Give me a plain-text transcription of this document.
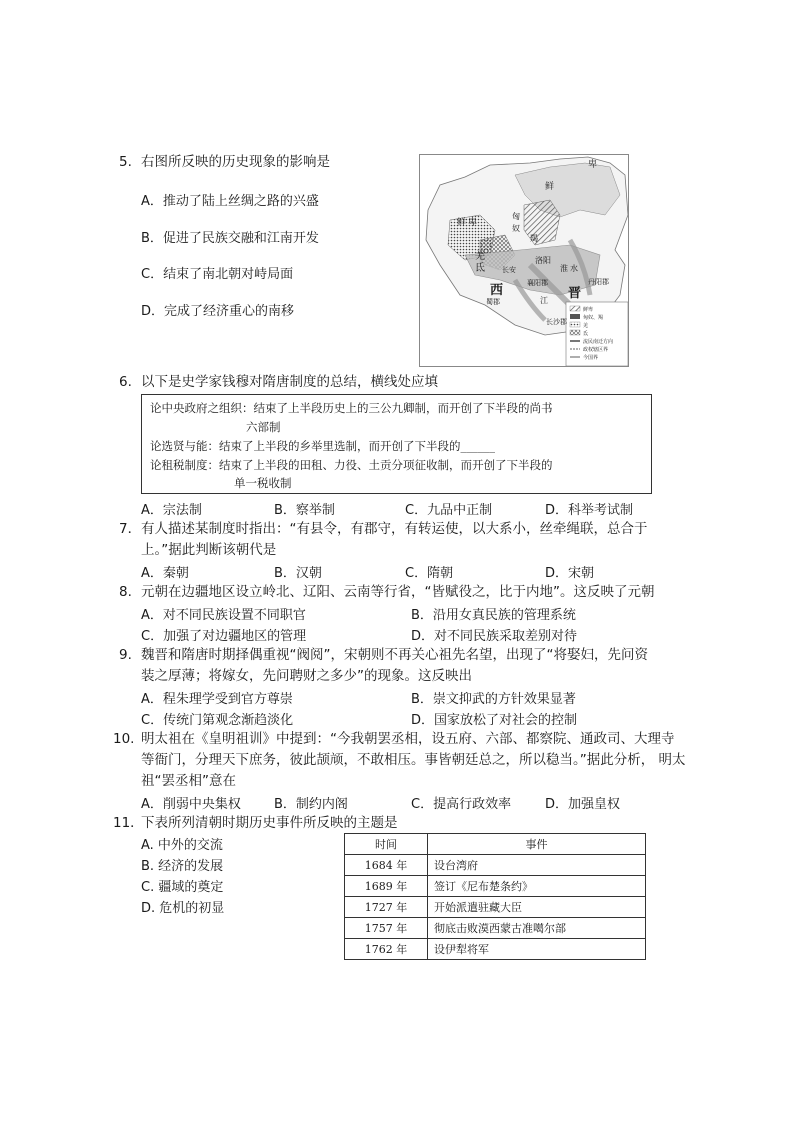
5. 右图所反映的历史现象的影响是
A．推动了陆上丝绸之路的兴盛
B．促进了民族交融和江南开发
C．结束了南北朝对峙局面
D．完成了经济重心的南移
鲜
卑
鲜 卑
匈
奴
羯
羌
氐
洛阳
长安
襄阳郡
西	晋
淮 水
江
丹阳郡
长沙郡
蜀郡
鲜卑
匈奴、羯
羌
氐
流民南迁方向
政权辖区界
今国界
6. 以下是史学家钱穆对隋唐制度的总结，横线处应填
论中央政府之组织：结束了上半段历史上的三公九卿制，而开创了下半段的尚书
六部制
论选贤与能：结束了上半段的乡举里选制，而开创了下半段的______
论租税制度：结束了上半段的田租、力役、土贡分项征收制，而开创了下半段的
单一税收制
A．宗法制	B．察举制	C．九品中正制	D．科举考试制
7． 有人描述某制度时指出：“有县令，有郡守，有转运使，以大系小，丝牵绳联，总合于
上。”据此判断该朝代是
A．秦朝	B．汉朝	C．隋朝	D．宋朝
8. 元朝在边疆地区设立岭北、辽阳、云南等行省，“皆赋役之，比于内地”。这反映了元朝
A．对不同民族设置不同职官	B．沿用女真民族的管理系统
C．加强了对边疆地区的管理	D．对不同民族采取差别对待
9. 魏晋和隋唐时期择偶重视“阀阅”，宋朝则不再关心祖先名望，出现了“将娶妇，先问资
装之厚薄；将嫁女，先问聘财之多少”的现象。这反映出
A．程朱理学受到官方尊崇	B．崇文抑武的方针效果显著
C．传统门第观念渐趋淡化	D．国家放松了对社会的控制
10. 明太祖在《皇明祖训》中提到：“今我朝罢丞相，设五府、六部、都察院、通政司、大理寺
等衙门，分理天下庶务，彼此颉颃，不敢相压。事皆朝廷总之，所以稳当。”据此分析， 明太
祖“罢丞相”意在
A．削弱中央集权	B．制约内阁	C．提高行政效率	D．加强皇权
11．
下表所列清朝时期历史事件所反映的主题是
A. 中外的交流
B. 经济的发展
C. 疆域的奠定
D. 危机的初显
时间	事件
1684 年	设台湾府
1689 年	签订《尼布楚条约》
1727 年	开始派遣驻藏大臣
1757 年	彻底击败漠西蒙古准噶尔部
1762 年	设伊犁将军
